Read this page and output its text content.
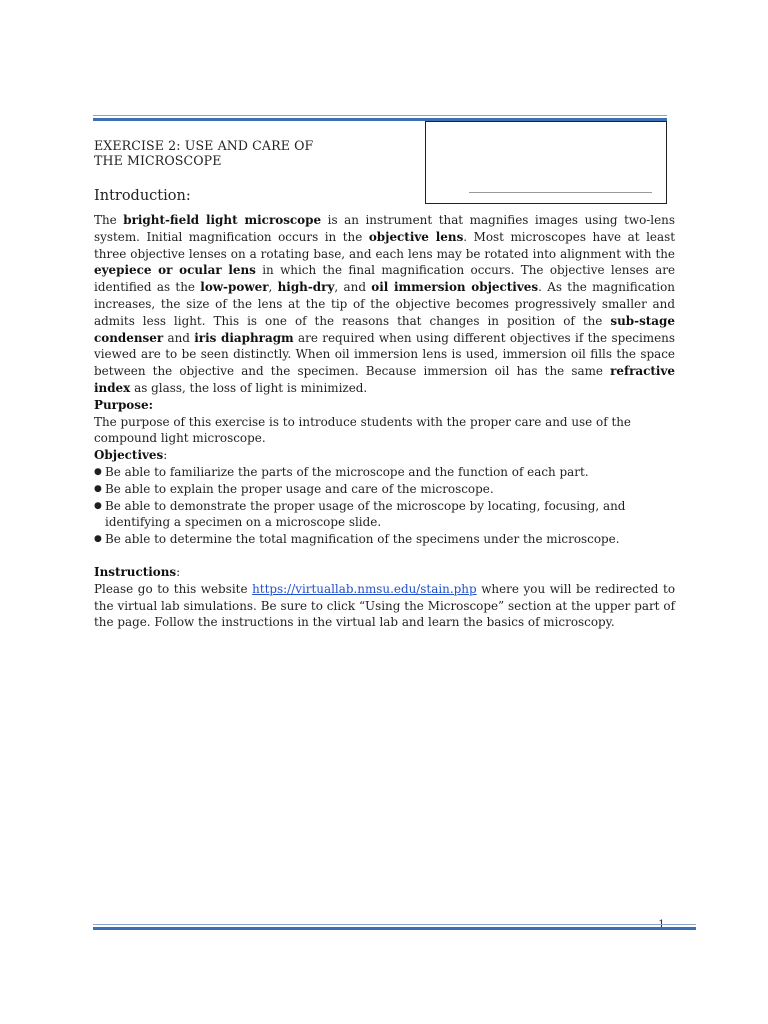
EXERCISE 2: USE AND CARE OF
THE MICROSCOPE
Introduction:

The bright-field light microscope is an instrument that magnifies images using two-lens system. Initial magnification occurs in the objective lens. Most microscopes have at least three objective lenses on a rotating base, and each lens may be rotated into alignment with the eyepiece or ocular lens in which the final magnification occurs. The objective lenses are identified as the low-power, high-dry, and oil immersion objectives. As the magnification increases, the size of the lens at the tip of the objective becomes progressively smaller and admits less light. This is one of the reasons that changes in position of the sub-stage condenser and iris diaphragm are required when using different objectives if the specimens viewed are to be seen distinctly. When oil immersion lens is used, immersion oil fills the space between the objective and the specimen. Because immersion oil has the same refractive index as glass, the loss of light is minimized.

Purpose:

The purpose of this exercise is to introduce students with the proper care and use of the compound light microscope.

Objectives:

● Be able to familiarize the parts of the microscope and the function of each part.
● Be able to explain the proper usage and care of the microscope.
● Be able to demonstrate the proper usage of the microscope by locating, focusing, and identifying a specimen on a microscope slide.
● Be able to determine the total magnification of the specimens under the microscope.

Instructions:

Please go to this website https://virtuallab.nmsu.edu/stain.php where you will be redirected to the virtual lab simulations. Be sure to click “Using the Microscope” section at the upper part of the page. Follow the instructions in the virtual lab and learn the basics of microscopy.
